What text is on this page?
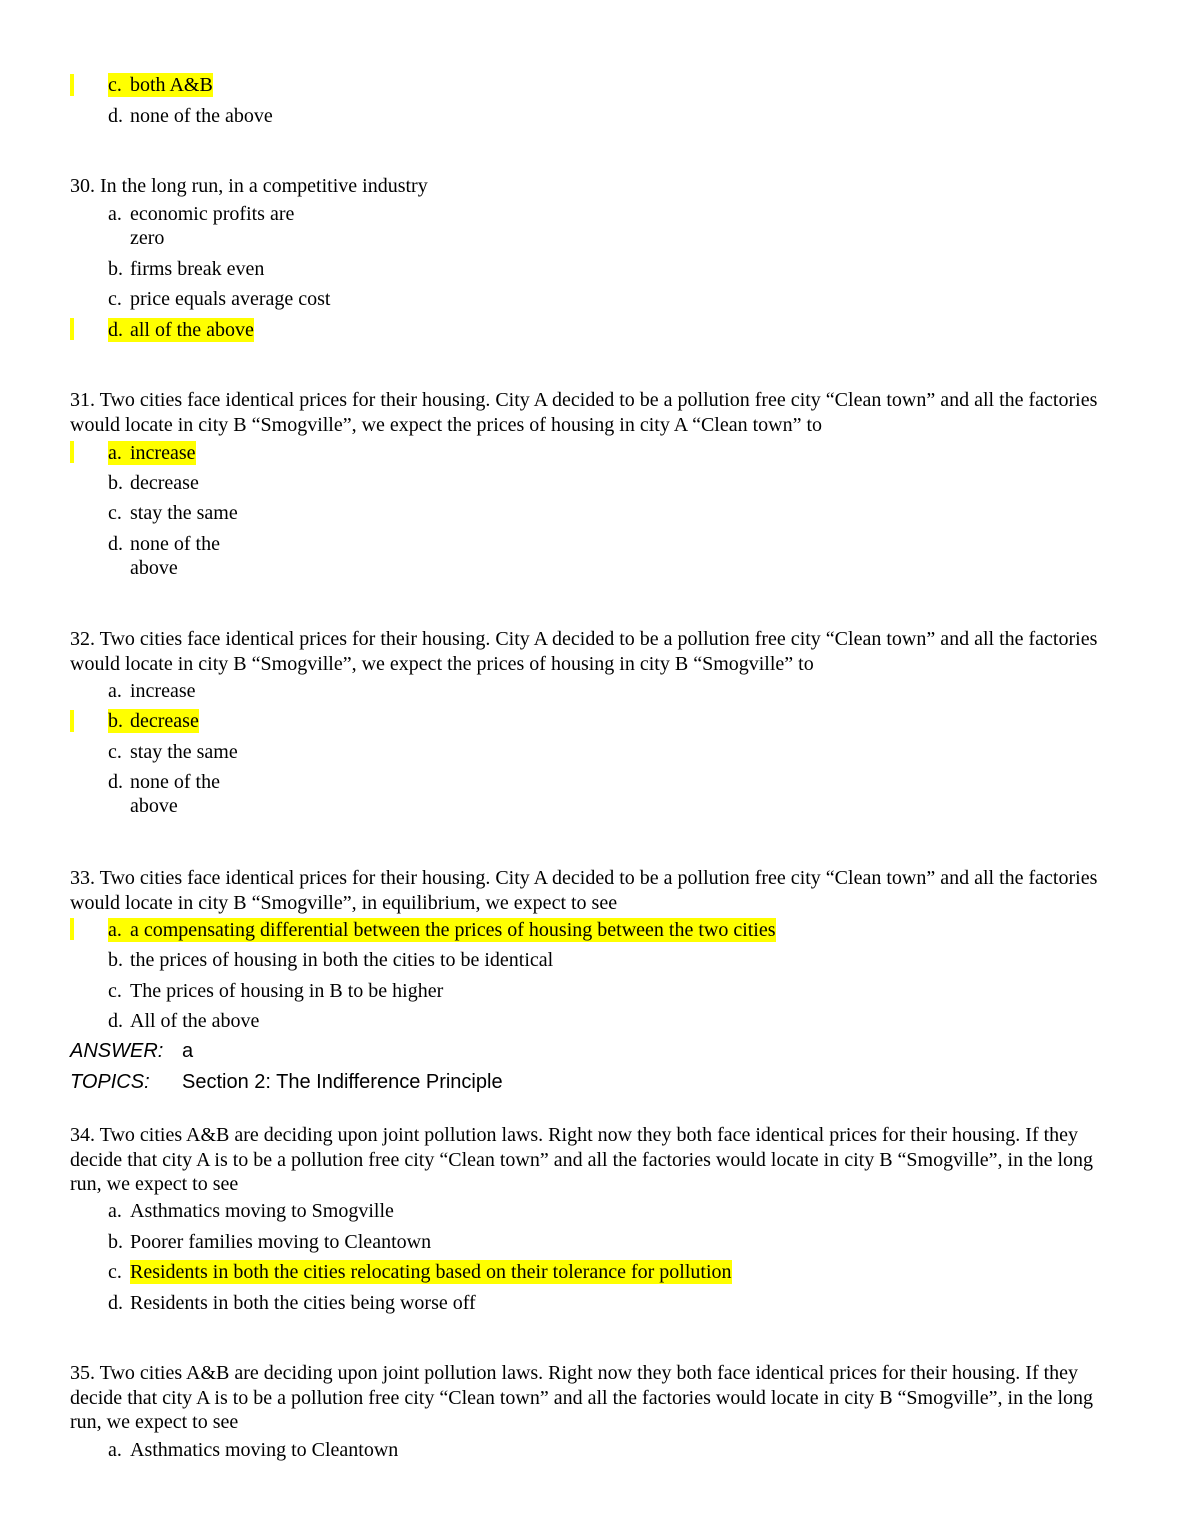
c. both A&B
d. none of the above

30. In the long run, in a competitive industry

a. economic profits are
zero
b. firms break even
c. price equals average cost
d. all of the above

31. Two cities face identical prices for their housing. City A decided to be a pollution free city “Clean town” and all the factories would locate in city B “Smogville”, we expect the prices of housing in city A “Clean town” to

a. increase
b. decrease
c. stay the same
d. none of the
above

32. Two cities face identical prices for their housing. City A decided to be a pollution free city “Clean town” and all the factories would locate in city B “Smogville”, we expect the prices of housing in city B “Smogville” to

a. increase
b. decrease
c. stay the same
d. none of the
above

33. Two cities face identical prices for their housing. City A decided to be a pollution free city “Clean town” and all the factories would locate in city B “Smogville”, in equilibrium, we expect to see

a. a compensating differential between the prices of housing between the two cities
b. the prices of housing in both the cities to be identical
c. The prices of housing in B to be higher
d. All of the above
ANSWER: a
TOPICS: Section 2: The Indifference Principle

34. Two cities A&B are deciding upon joint pollution laws. Right now they both face identical prices for their housing. If they decide that city A is to be a pollution free city “Clean town” and all the factories would locate in city B “Smogville”, in the long run, we expect to see

a. Asthmatics moving to Smogville
b. Poorer families moving to Cleantown
c. Residents in both the cities relocating based on their tolerance for pollution
d. Residents in both the cities being worse off

35. Two cities A&B are deciding upon joint pollution laws. Right now they both face identical prices for their housing. If they decide that city A is to be a pollution free city “Clean town” and all the factories would locate in city B “Smogville”, in the long run, we expect to see

a. Asthmatics moving to Cleantown
